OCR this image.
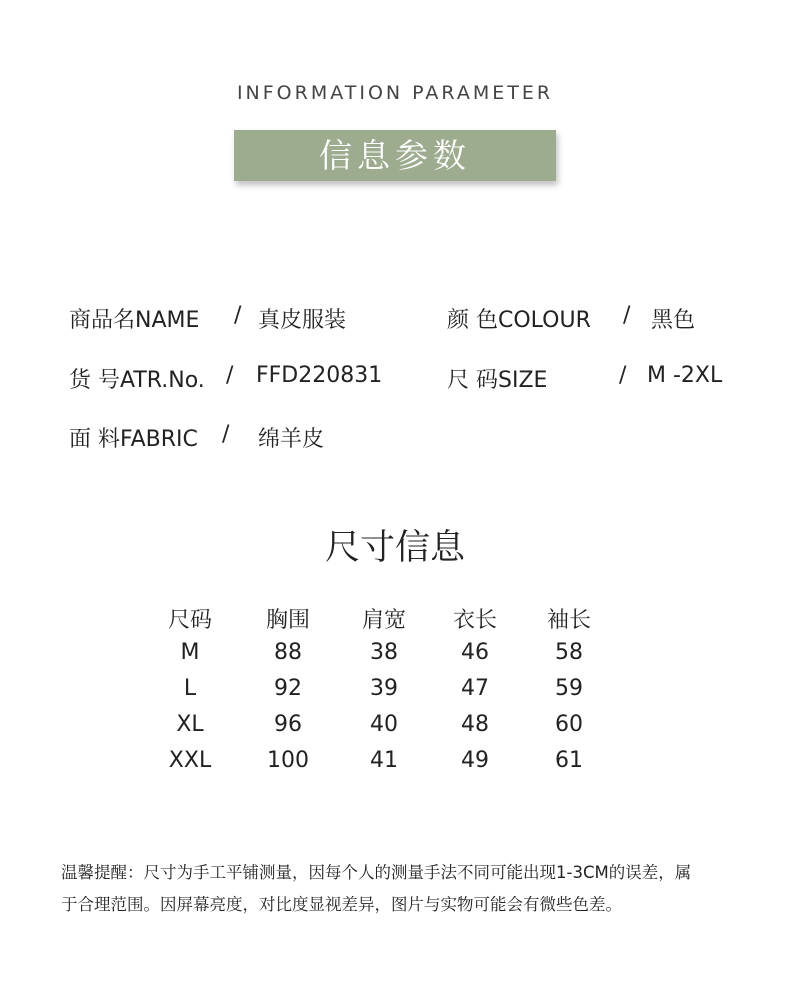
INFORMATION PARAMETER
信息参数
商品名NAME / 真皮服装	颜 色COLOUR / 黑色
货 号ATR.No. / FFD220831	尺 码SIZE	/ M -2XL
面 料FABRIC / 绵羊皮
尺寸信息
尺码	胸围	肩宽	衣长	袖长
M	88	38	46	58
L	92	39	47	59
XL	96	40	48	60
XXL	100	41	49	61
温馨提醒：尺寸为手工平铺测量，因每个人的测量手法不同可能出现1-3CM的误差，属
于合理范围。因屏幕亮度，对比度显视差异，图片与实物可能会有微些色差。
